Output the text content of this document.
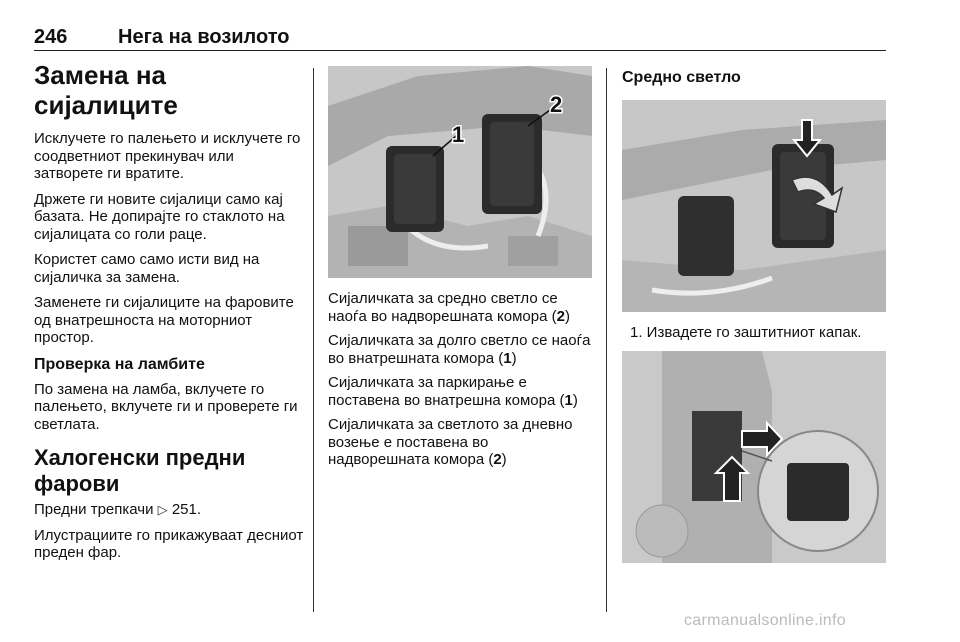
246	Нега на возилото
Замена на сијалиците

Исклучете го палењето и исклучете го соодветниот прекинувач или затворете ги вратите.

Држете ги новите сијалици само кај базата. Не допирајте го стаклото на сијалицата со голи раце.

Користет само само исти вид на сијаличка за замена.

Заменете ги сијалиците на фаровите од внатрешноста на моторниот простор.

Проверка на ламбите

По замена на ламба, вклучете го палењето, вклучете ги и проверете ги светлата.

Халогенски предни фарови

Предни трепкачи ▷ 251.

Илустрациите го прикажуваат десниот преден фар.

1
2

Сијаличката за средно светло се наоѓа во надворешната комора (2)

Сијаличката за долго светло се наоѓа во внатрешната комора (1)

Сијаличката за паркирање е поставена во внатрешна комора (1)

Сијаличката за светлото за дневно возење е поставена во надворешната комора (2)

Средно светло
1. Извадете го заштитниот капак.
carmanualsonline.info
